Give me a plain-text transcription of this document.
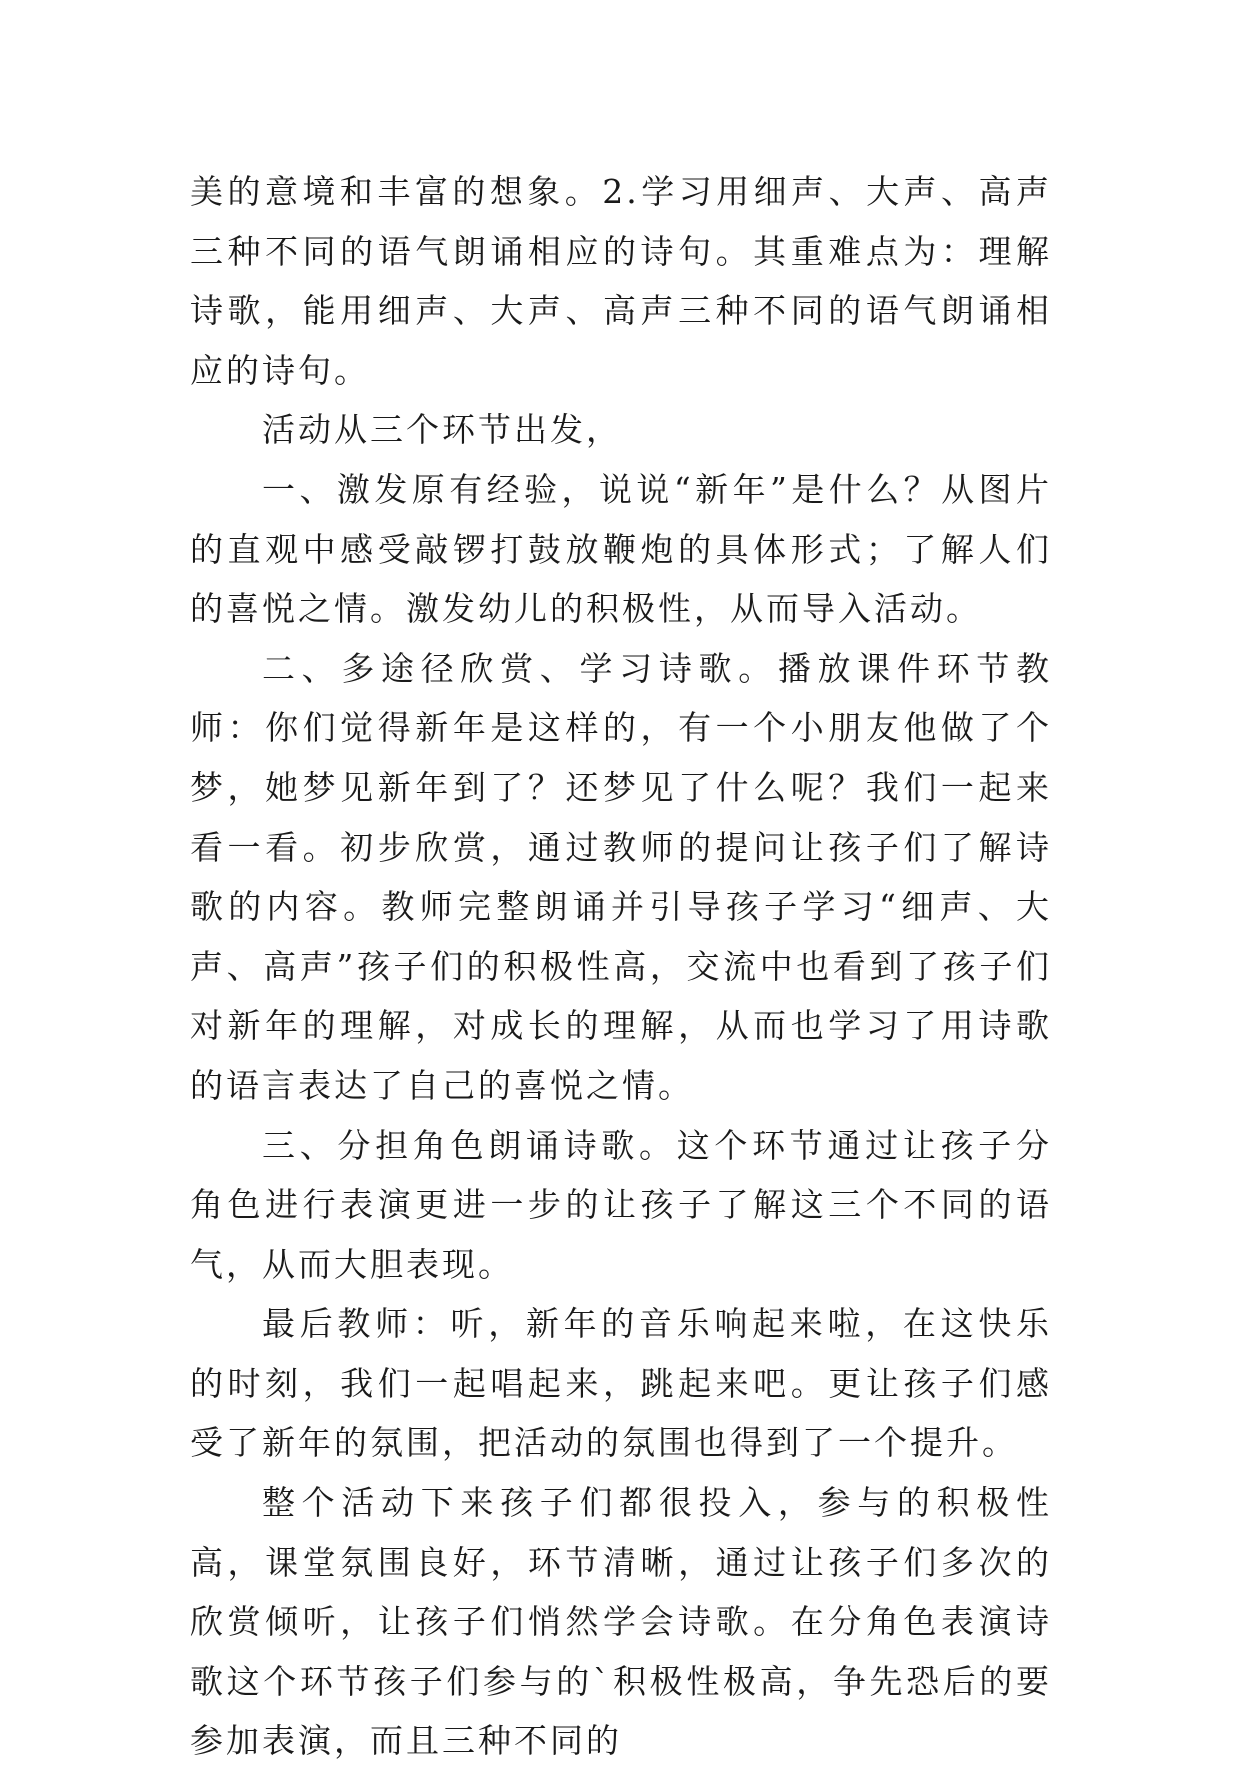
美的意境和丰富的想象。2.学习用细声、大声、高声三种不同的语气朗诵相应的诗句。其重难点为：理解诗歌，能用细声、大声、高声三种不同的语气朗诵相应的诗句。

活动从三个环节出发，

一、激发原有经验，说说“新年”是什么？从图片的直观中感受敲锣打鼓放鞭炮的具体形式；了解人们的喜悦之情。激发幼儿的积极性，从而导入活动。

二、多途径欣赏、学习诗歌。播放课件环节教师：你们觉得新年是这样的，有一个小朋友他做了个梦，她梦见新年到了？还梦见了什么呢？我们一起来看一看。初步欣赏，通过教师的提问让孩子们了解诗歌的内容。教师完整朗诵并引导孩子学习“细声、大声、高声”孩子们的积极性高，交流中也看到了孩子们对新年的理解，对成长的理解，从而也学习了用诗歌的语言表达了自己的喜悦之情。

三、分担角色朗诵诗歌。这个环节通过让孩子分角色进行表演更进一步的让孩子了解这三个不同的语气，从而大胆表现。

最后教师：听，新年的音乐响起来啦，在这快乐的时刻，我们一起唱起来，跳起来吧。更让孩子们感受了新年的氛围，把活动的氛围也得到了一个提升。

整个活动下来孩子们都很投入，参与的积极性高，课堂氛围良好，环节清晰，通过让孩子们多次的欣赏倾听，让孩子们悄然学会诗歌。在分角色表演诗歌这个环节孩子们参与的`积极性极高，争先恐后的要参加表演，而且三种不同的
